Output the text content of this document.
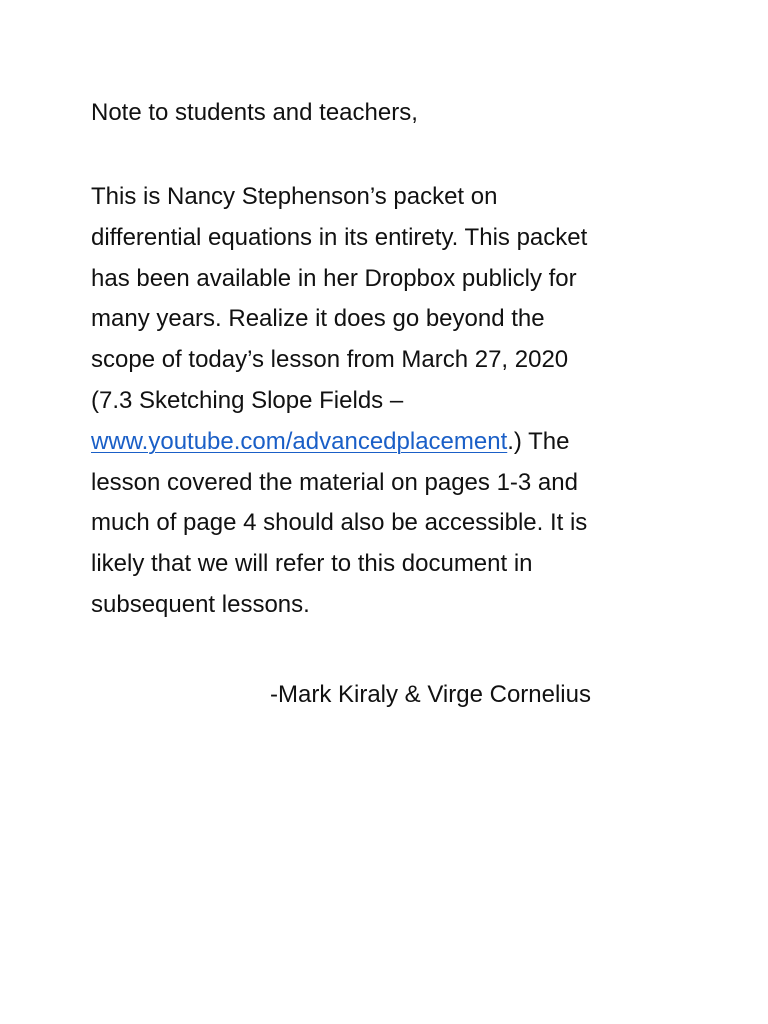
Note to students and teachers,

This is Nancy Stephenson’s packet on
differential equations in its entirety. This packet
has been available in her Dropbox publicly for
many years. Realize it does go beyond the
scope of today’s lesson from March 27, 2020
(7.3 Sketching Slope Fields –
www.youtube.com/advancedplacement.) The
lesson covered the material on pages 1-3 and
much of page 4 should also be accessible. It is
likely that we will refer to this document in
subsequent lessons.

-Mark Kiraly & Virge Cornelius
